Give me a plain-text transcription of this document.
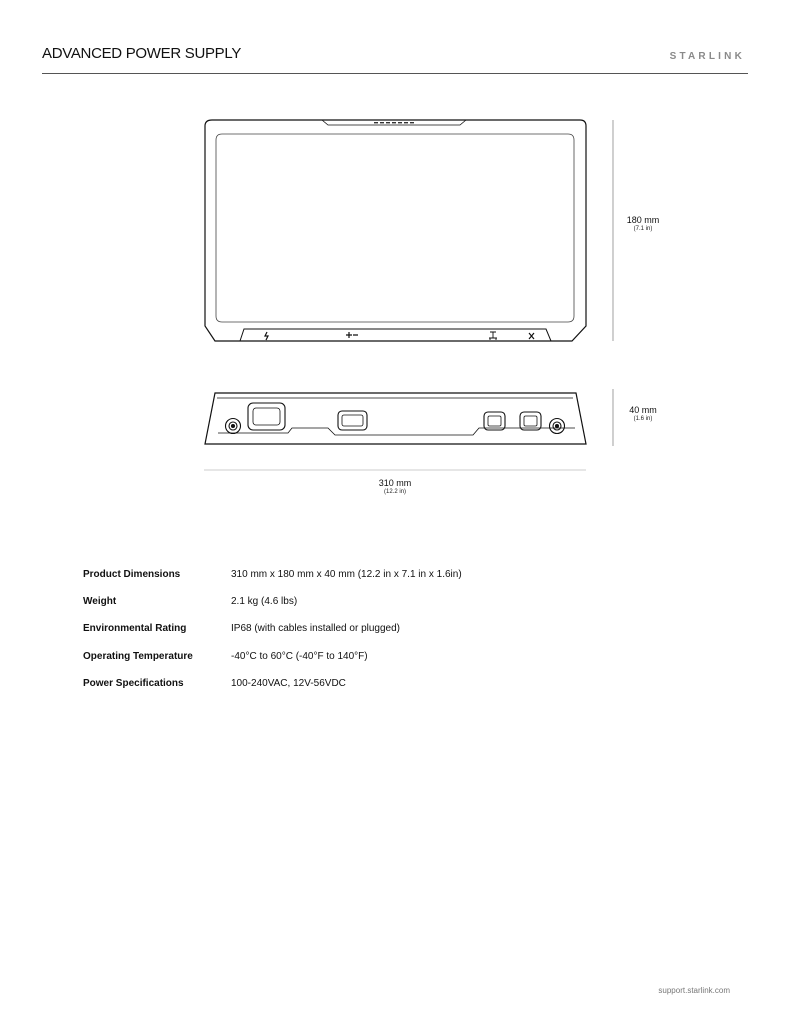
ADVANCED POWER SUPPLY	STARLINK
180 mm
(7.1 in)
40 mm
(1.6 in)
310 mm
(12.2 in)
Product Dimensions	310 mm x 180 mm x 40 mm (12.2 in x 7.1 in x 1.6in)
Weight	2.1 kg (4.6 lbs)
Environmental Rating	IP68 (with cables installed or plugged)
Operating Temperature	-40°C to 60°C (-40°F to 140°F)
Power Specifications	100-240VAC, 12V-56VDC
support.starlink.com
